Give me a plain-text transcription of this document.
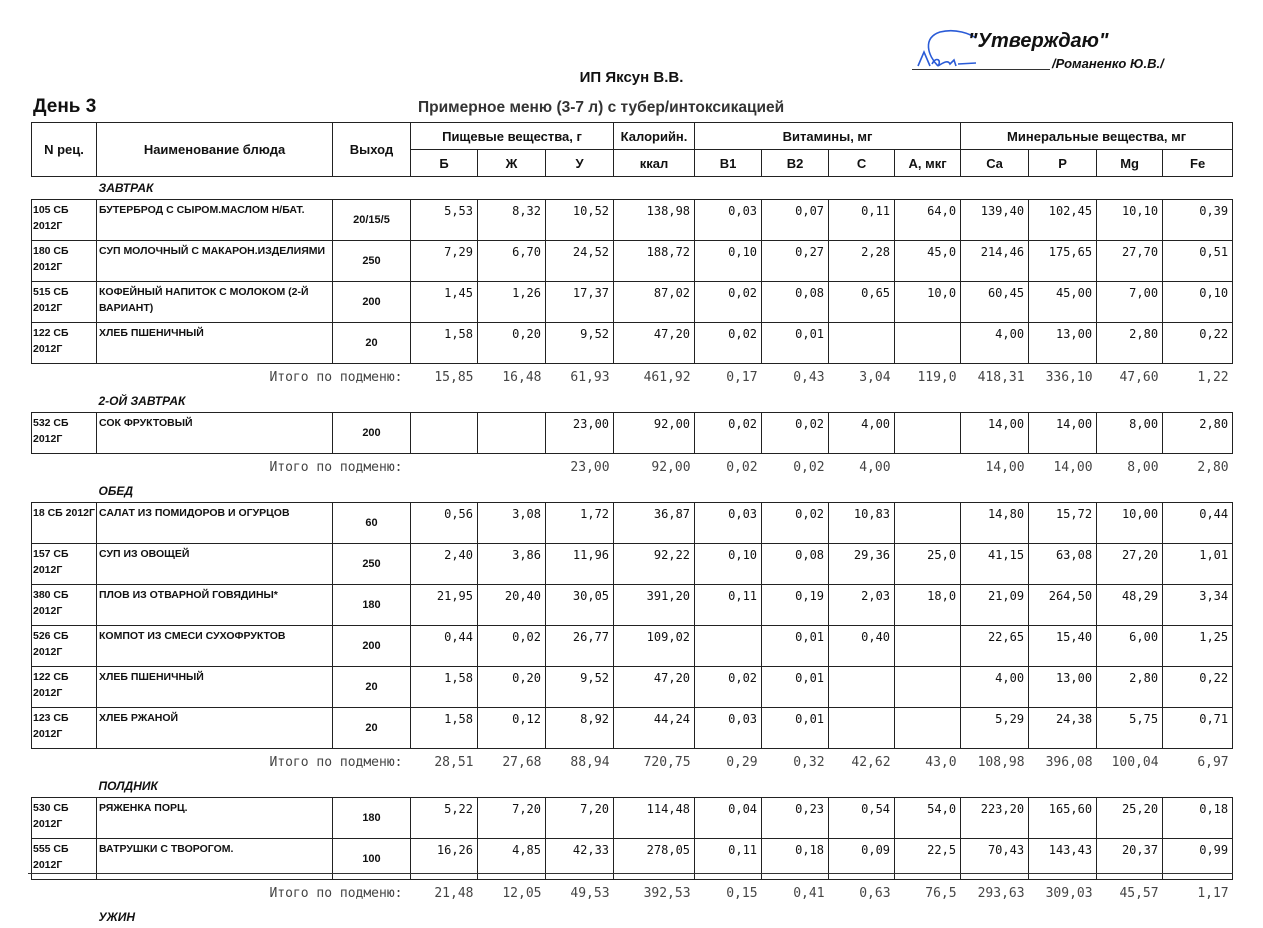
"Утверждаю"
/Романенко Ю.В./
ИП Яксун В.В.
День 3	Примерное меню (3-7 л) с тубер/интоксикацией
N рец.	Наименование блюда	Выход	Пищевые вещества, г			Калорийн.	Витамины, мг				Минеральные вещества, мг			
			Б	Ж	У	ккал	B1	B2	C	А, мкг	Ca	P	Mg	Fe
	ЗАВТРАК													
105 СБ 2012Г	БУТЕРБРОД С СЫРОМ.МАСЛОМ Н/БАТ.	20/15/5	5,53	8,32	10,52	138,98	0,03	0,07	0,11	64,0	139,40	102,45	10,10	0,39
180 СБ 2012Г	СУП МОЛОЧНЫЙ С МАКАРОН.ИЗДЕЛИЯМИ	250	7,29	6,70	24,52	188,72	0,10	0,27	2,28	45,0	214,46	175,65	27,70	0,51
515 СБ 2012Г	КОФЕЙНЫЙ НАПИТОК С МОЛОКОМ (2-Й ВАРИАНТ)	200	1,45	1,26	17,37	87,02	0,02	0,08	0,65	10,0	60,45	45,00	7,00	0,10
122 СБ 2012Г	ХЛЕБ ПШЕНИЧНЫЙ	20	1,58	0,20	9,52	47,20	0,02	0,01			4,00	13,00	2,80	0,22
Итого по подменю:			15,85	16,48	61,93	461,92	0,17	0,43	3,04	119,0	418,31	336,10	47,60	1,22
	2-ОЙ ЗАВТРАК													
532 СБ 2012Г	СОК ФРУКТОВЫЙ	200			23,00	92,00	0,02	0,02	4,00		14,00	14,00	8,00	2,80
Итого по подменю:					23,00	92,00	0,02	0,02	4,00		14,00	14,00	8,00	2,80
	ОБЕД													
18 СБ 2012Г	САЛАТ ИЗ ПОМИДОРОВ И ОГУРЦОВ	60	0,56	3,08	1,72	36,87	0,03	0,02	10,83		14,80	15,72	10,00	0,44
157 СБ 2012Г	СУП ИЗ ОВОЩЕЙ	250	2,40	3,86	11,96	92,22	0,10	0,08	29,36	25,0	41,15	63,08	27,20	1,01
380 СБ 2012Г	ПЛОВ ИЗ ОТВАРНОЙ ГОВЯДИНЫ*	180	21,95	20,40	30,05	391,20	0,11	0,19	2,03	18,0	21,09	264,50	48,29	3,34
526 СБ 2012Г	КОМПОТ ИЗ СМЕСИ СУХОФРУКТОВ	200	0,44	0,02	26,77	109,02		0,01	0,40		22,65	15,40	6,00	1,25
122 СБ 2012Г	ХЛЕБ ПШЕНИЧНЫЙ	20	1,58	0,20	9,52	47,20	0,02	0,01			4,00	13,00	2,80	0,22
123 СБ 2012Г	ХЛЕБ РЖАНОЙ	20	1,58	0,12	8,92	44,24	0,03	0,01			5,29	24,38	5,75	0,71
Итого по подменю:			28,51	27,68	88,94	720,75	0,29	0,32	42,62	43,0	108,98	396,08	100,04	6,97
	ПОЛДНИК													
530 СБ 2012Г	РЯЖЕНКА ПОРЦ.	180	5,22	7,20	7,20	114,48	0,04	0,23	0,54	54,0	223,20	165,60	25,20	0,18
555 СБ 2012Г	ВАТРУШКИ С ТВОРОГОМ.	100	16,26	4,85	42,33	278,05	0,11	0,18	0,09	22,5	70,43	143,43	20,37	0,99
Итого по подменю:			21,48	12,05	49,53	392,53	0,15	0,41	0,63	76,5	293,63	309,03	45,57	1,17
	УЖИН													
